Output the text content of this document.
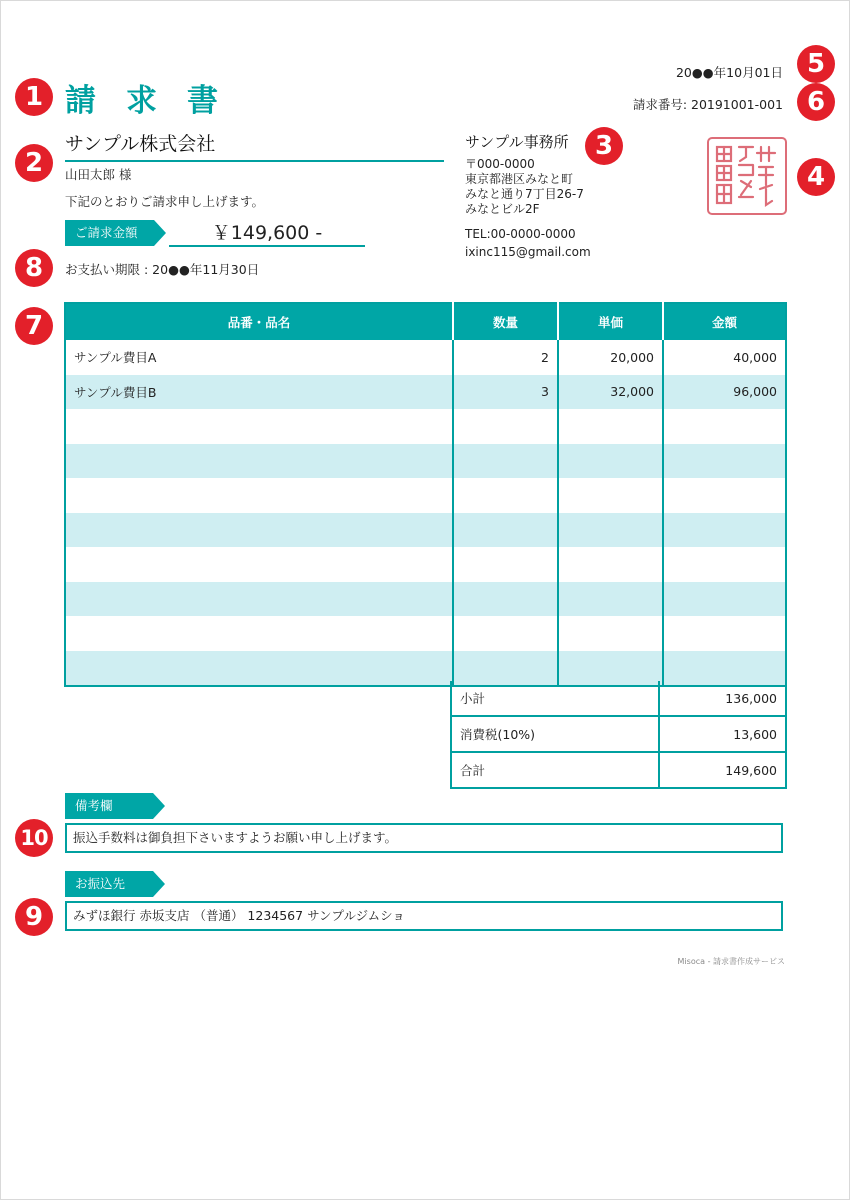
請 求 書
20●●年10月01日
請求番号: 20191001-001
サンプル株式会社
山田太郎 様
下記のとおりご請求申し上げます。
ご請求金額	￥149,600 -
お支払い期限 : 20●●年11月30日
サンプル事務所
〒000-0000
東京都港区みなと町
みなと通り7丁目26-7
みなとビル2F
TEL:00-0000-0000
ixinc115@gmail.com
品番・品名	数量	単価	金額
サンプル費目A	2	20,000	40,000
サンプル費目B	3	32,000	96,000

小計	136,000
消費税(10%)	13,600
合計	149,600
備考欄
振込手数料は御負担下さいますようお願い申し上げます。
お振込先
みずほ銀行 赤坂支店 （普通） 1234567 サンプルジムショ
Misoca - 請求書作成サービス
1
2
3
4
5
6
7
8
9
10
